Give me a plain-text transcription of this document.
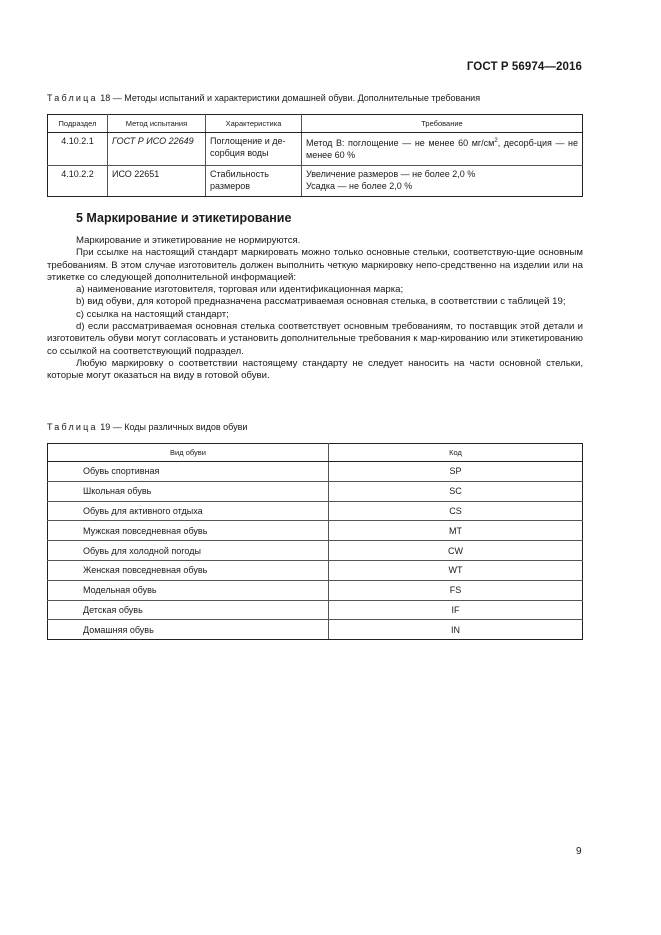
ГОСТ Р 56974—2016
Таблица 18 — Методы испытаний и характеристики домашней обуви. Дополнительные требования
Подраздел	Метод испытания	Характеристика	Требование
4.10.2.1	ГОСТ Р ИСО 22649	Поглощение и де-сорбция воды	Метод В: поглощение — не менее 60 $мг/см^2$, десорб-ция — не менее 60 %
4.10.2.2	ИСО 22651	Стабильность размеров	Увеличение размеров — не более 2,0 %
Усадка — не более 2,0 %
5 Маркирование и этикетирование

Маркирование и этикетирование не нормируются.

При ссылке на настоящий стандарт маркировать можно только основные стельки, соответствую-щие основным требованиям. В этом случае изготовитель должен выполнить четкую маркировку непо-средственно на изделии или на этикетке со следующей дополнительной информацией:

a) наименование изготовителя, торговая или идентификационная марка;

b) вид обуви, для которой предназначена рассматриваемая основная стелька, в соответствии с таблицей 19;

c) ссылка на настоящий стандарт;

d) если рассматриваемая основная стелька соответствует основным требованиям, то поставщик этой детали и изготовитель обуви могут согласовать и установить дополнительные требования к мар-кированию или этикетированию со ссылкой на соответствующий подраздел.

Любую маркировку о соответствии настоящему стандарту не следует наносить на части основной стельки, которые могут оказаться на виду в готовой обуви.

Таблица 19 — Коды различных видов обуви
Вид обуви	Код
Обувь спортивная	SP
Школьная обувь	SC
Обувь для активного отдыха	CS
Мужская повседневная обувь	MT
Обувь для холодной погоды	CW
Женская повседневная обувь	WT
Модельная обувь	FS
Детская обувь	IF
Домашняя обувь	IN
9
